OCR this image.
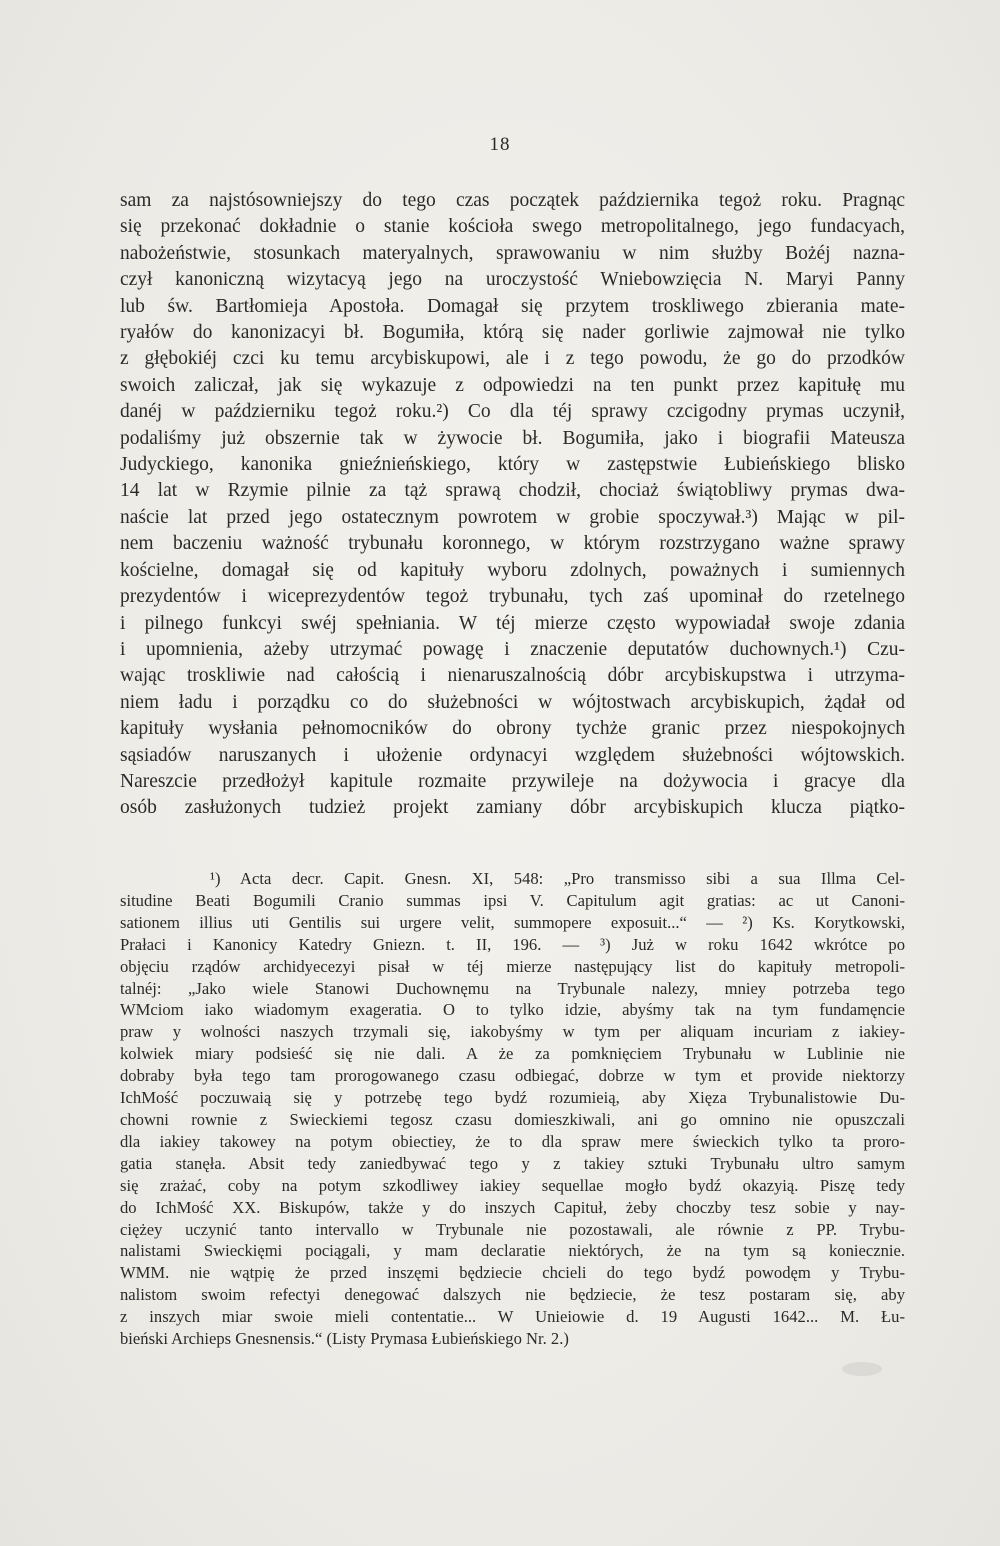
18

sam za najstósowniejszy do tego czas początek października tegoż roku. Pragnąc

się przekonać dokładnie o stanie kościoła swego metropolitalnego, jego fundacyach,

nabożeństwie, stosunkach materyalnych, sprawowaniu w nim służby Bożéj nazna-

czył kanoniczną wizytacyą jego na uroczystość Wniebowzięcia N. Maryi Panny

lub św. Bartłomieja Apostoła. Domagał się przytem troskliwego zbierania mate-

ryałów do kanonizacyi bł. Bogumiła, którą się nader gorliwie zajmował nie tylko

z głębokiéj czci ku temu arcybiskupowi, ale i z tego powodu, że go do przodków

swoich zaliczał, jak się wykazuje z odpowiedzi na ten punkt przez kapitułę mu

danéj w październiku tegoż roku.²) Co dla téj sprawy czcigodny prymas uczynił,

podaliśmy już obszernie tak w żywocie bł. Bogumiła, jako i biografii Mateusza

Judyckiego, kanonika gnieźnieńskiego, który w zastępstwie Łubieńskiego blisko

14 lat w Rzymie pilnie za tąż sprawą chodził, chociaż świątobliwy prymas dwa-

naście lat przed jego ostatecznym powrotem w grobie spoczywał.³) Mając w pil-

nem baczeniu ważność trybunału koronnego, w którym rozstrzygano ważne sprawy

kościelne, domagał się od kapituły wyboru zdolnych, poważnych i sumiennych

prezydentów i wiceprezydentów tegoż trybunału, tych zaś upominał do rzetelnego

i pilnego funkcyi swéj spełniania. W téj mierze często wypowiadał swoje zdania

i upomnienia, ażeby utrzymać powagę i znaczenie deputatów duchownych.¹) Czu-

wając troskliwie nad całością i nienaruszalnością dóbr arcybiskupstwa i utrzyma-

niem ładu i porządku co do służebności w wójtostwach arcybiskupich, żądał od

kapituły wysłania pełnomocników do obrony tychże granic przez niespokojnych

sąsiadów naruszanych i ułożenie ordynacyi względem służebności wójtowskich.

Nareszcie przedłożył kapitule rozmaite przywileje na dożywocia i gracye dla

osób zasłużonych tudzież projekt zamiany dóbr arcybiskupich klucza piątko-

¹) Acta decr. Capit. Gnesn. XI, 548: „Pro transmisso sibi a sua Illma Cel-

situdine Beati Bogumili Cranio summas ipsi V. Capitulum agit gratias: ac ut Canoni-

sationem illius uti Gentilis sui urgere velit, summopere exposuit...“ — ²) Ks. Korytkowski,

Prałaci i Kanonicy Katedry Gniezn. t. II, 196. — ³) Już w roku 1642 wkrótce po

objęciu rządów archidyecezyi pisał w téj mierze następujący list do kapituły metropoli-

talnéj: „Jako wiele Stanowi Duchownęmu na Trybunale nalezy, mniey potrzeba tego

WMciom iako wiadomym exageratia. O to tylko idzie, abyśmy tak na tym fundamęncie

praw y wolności naszych trzymali się, iakobyśmy w tym per aliquam incuriam z iakiey-

kolwiek miary podsieść się nie dali. A że za pomknięciem Trybunału w Lublinie nie

dobraby była tego tam prorogowanego czasu odbiegać, dobrze w tym et provide niektorzy

IchMość poczuwaią się y potrzebę tego bydź rozumieią, aby Xięza Trybunalistowie Du-

chowni rownie z Swieckiemi tegosz czasu domieszkiwali, ani go omnino nie opuszczali

dla iakiey takowey na potym obiectiey, że to dla spraw mere świeckich tylko ta proro-

gatia stanęła. Absit tedy zaniedbywać tego y z takiey sztuki Trybunału ultro samym

się zrażać, coby na potym szkodliwey iakiey sequellae mogło bydź okazyią. Piszę tedy

do IchMość XX. Biskupów, także y do inszych Capituł, żeby choczby tesz sobie y nay-

ciężey uczynić tanto intervallo w Trybunale nie pozostawali, ale równie z PP. Trybu-

nalistami Swieckięmi pociągali, y mam declaratie niektórych, że na tym są koniecznie.

WMM. nie wątpię że przed inszęmi będziecie chcieli do tego bydź powodęm y Trybu-

nalistom swoim refectyi denegować dalszych nie będziecie, że tesz postaram się, aby

z inszych miar swoie mieli contentatie... W Unieiowie d. 19 Augusti 1642... M. Łu-

bieński Archieps Gnesnensis.“ (Listy Prymasa Łubieńskiego Nr. 2.)
